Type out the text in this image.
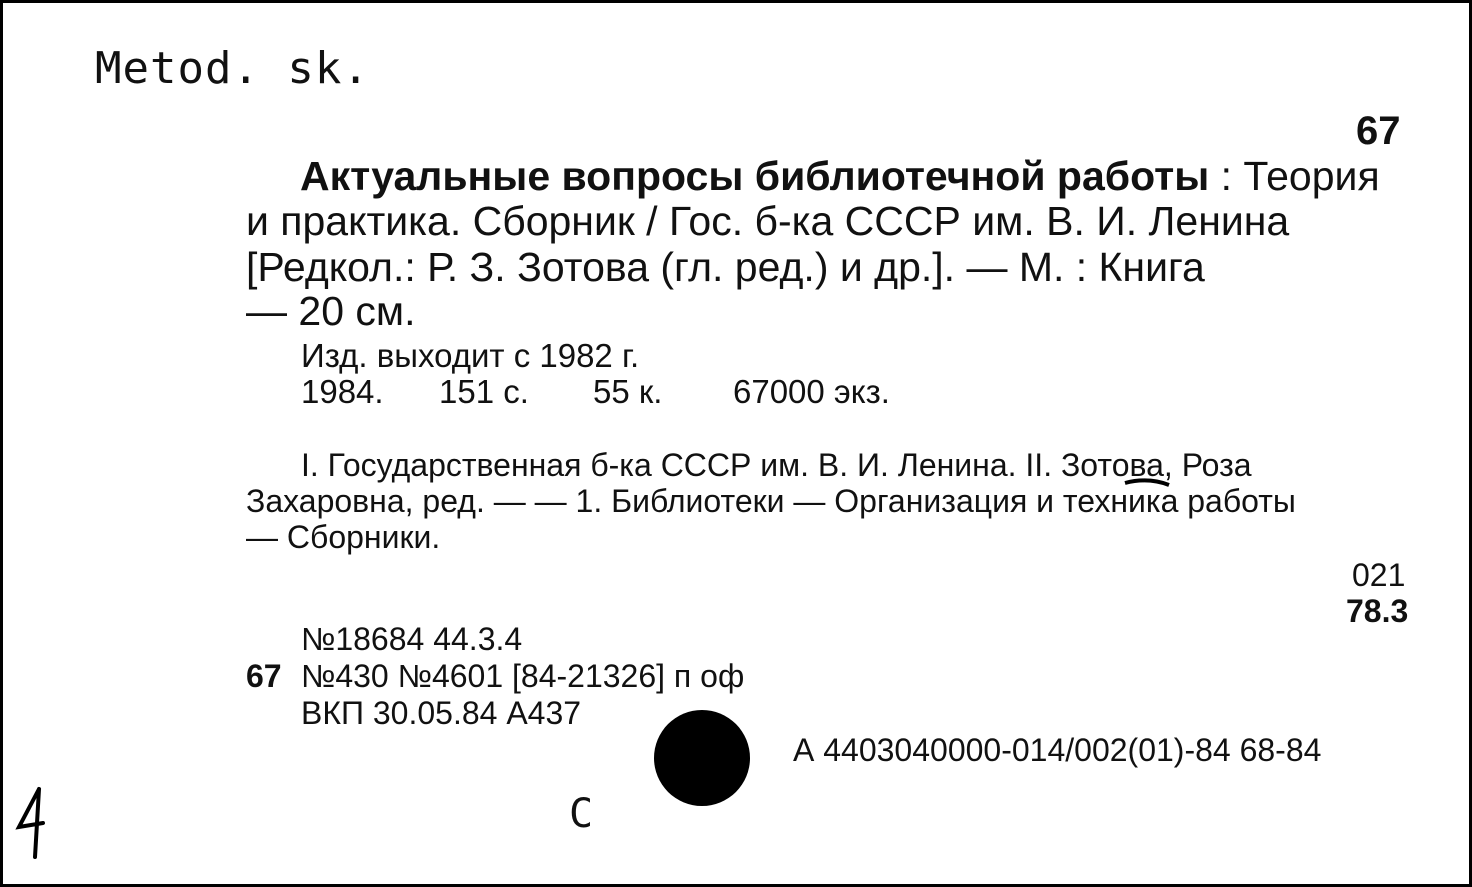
Metod. sk.
67
Актуальные вопросы библиотечной работы : Теория
и практика. Сборник / Гос. б-ка СССР им. В. И. Ленина
[Редкол.: Р. З. Зотова (гл. ред.) и др.]. — М. : Книга
— 20 см.
Изд. выходит с 1982 г.
1984. 151 с. 55 к. 67000 экз.
I. Государственная б-ка СССР им. В. И. Ленина. II. Зотова, Роза
Захаровна, ред. — — 1. Библиотеки — Организация и техника работы
— Сборники.
021
78.3
№18684 44.3.4
67 №430 №4601 [84-21326] п оф
ВКП 30.05.84 А437
А 4403040000-014/002(01)-84 68-84
С
